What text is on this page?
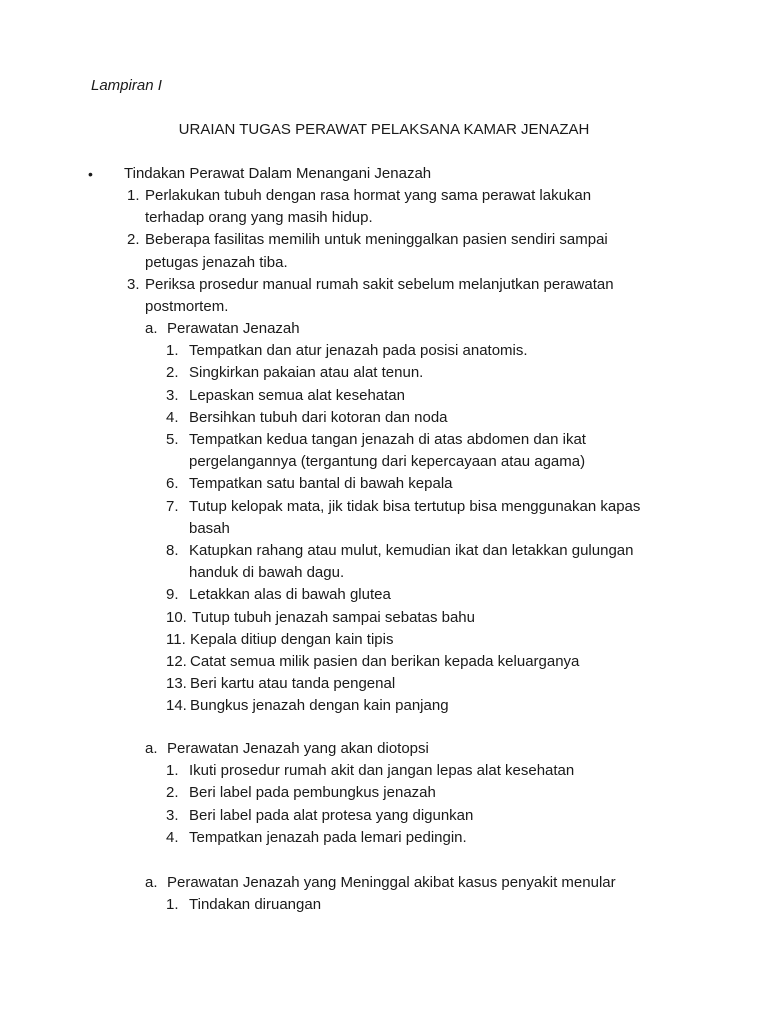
Lampiran I
URAIAN TUGAS PERAWAT PELAKSANA KAMAR JENAZAH
• Tindakan Perawat Dalam Menangani Jenazah
1. Perlakukan tubuh dengan rasa hormat yang sama perawat lakukan
terhadap orang yang masih hidup.
2. Beberapa fasilitas memilih untuk meninggalkan pasien sendiri sampai
petugas jenazah tiba.
3. Periksa prosedur manual rumah sakit sebelum melanjutkan perawatan
postmortem.
a. Perawatan Jenazah
1. Tempatkan dan atur jenazah pada posisi anatomis.
2. Singkirkan pakaian atau alat tenun.
3. Lepaskan semua alat kesehatan
4. Bersihkan tubuh dari kotoran dan noda
5. Tempatkan kedua tangan jenazah di atas abdomen dan ikat
pergelangannya (tergantung dari kepercayaan atau agama)
6. Tempatkan satu bantal di bawah kepala
7. Tutup kelopak mata, jik tidak bisa tertutup bisa menggunakan kapas
basah
8. Katupkan rahang atau mulut, kemudian ikat dan letakkan gulungan
handuk di bawah dagu.
9. Letakkan alas di bawah glutea
10. Tutup tubuh jenazah sampai sebatas bahu
11. Kepala ditiup dengan kain tipis
12. Catat semua milik pasien dan berikan kepada keluarganya
13. Beri kartu atau tanda pengenal
14. Bungkus jenazah dengan kain panjang
a. Perawatan Jenazah yang akan diotopsi
1. Ikuti prosedur rumah akit dan jangan lepas alat kesehatan
2. Beri label pada pembungkus jenazah
3. Beri label pada alat protesa yang digunkan
4. Tempatkan jenazah pada lemari pedingin.
a. Perawatan Jenazah yang Meninggal akibat kasus penyakit menular
1. Tindakan diruangan
